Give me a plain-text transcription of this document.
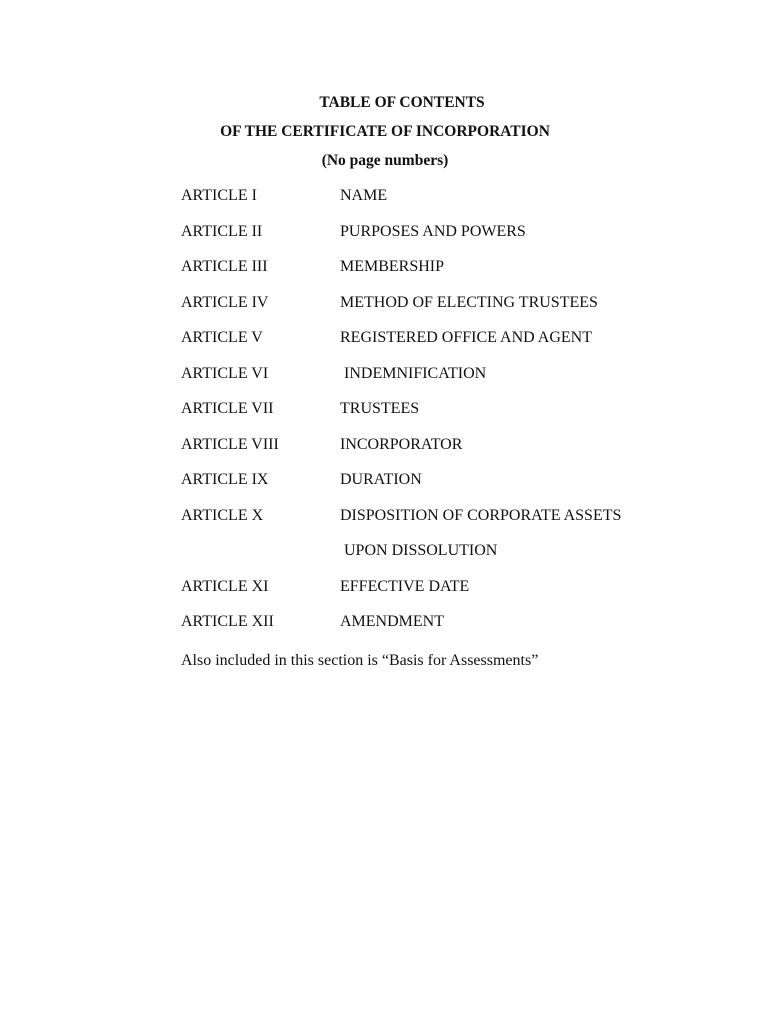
TABLE OF CONTENTS
OF THE CERTIFICATE OF INCORPORATION
(No page numbers)
ARTICLE I	NAME
ARTICLE II	PURPOSES AND POWERS
ARTICLE III	MEMBERSHIP
ARTICLE IV	METHOD OF ELECTING TRUSTEES
ARTICLE V	REGISTERED OFFICE AND AGENT
ARTICLE VI	INDEMNIFICATION
ARTICLE VII	TRUSTEES
ARTICLE VIII	INCORPORATOR
ARTICLE IX	DURATION
ARTICLE X	DISPOSITION OF CORPORATE ASSETS
UPON DISSOLUTION
ARTICLE XI	EFFECTIVE DATE
ARTICLE XII	AMENDMENT
Also included in this section is “Basis for Assessments”
